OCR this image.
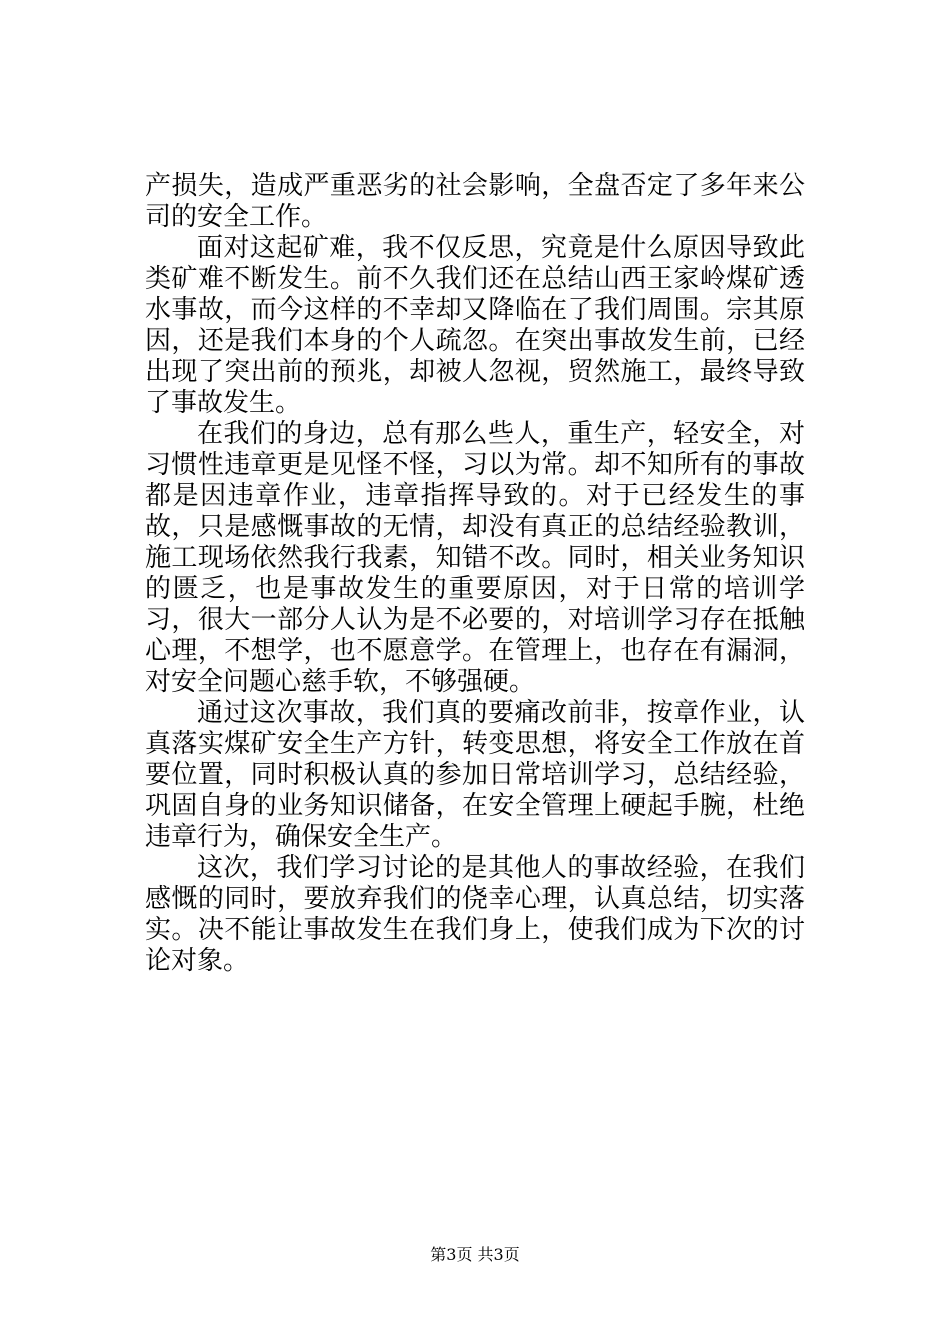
产损失，造成严重恶劣的社会影响，全盘否定了多年来公司的安全工作。

面对这起矿难，我不仅反思，究竟是什么原因导致此类矿难不断发生。前不久我们还在总结山西王家岭煤矿透水事故，而今这样的不幸却又降临在了我们周围。宗其原因，还是我们本身的个人疏忽。在突出事故发生前，已经出现了突出前的预兆，却被人忽视，贸然施工，最终导致了事故发生。

在我们的身边，总有那么些人，重生产，轻安全，对习惯性违章更是见怪不怪，习以为常。却不知所有的事故都是因违章作业，违章指挥导致的。对于已经发生的事故，只是感慨事故的无情，却没有真正的总结经验教训，施工现场依然我行我素，知错不改。同时，相关业务知识的匮乏，也是事故发生的重要原因，对于日常的培训学习，很大一部分人认为是不必要的，对培训学习存在抵触心理，不想学，也不愿意学。在管理上，也存在有漏洞，对安全问题心慈手软，不够强硬。

通过这次事故，我们真的要痛改前非，按章作业，认真落实煤矿安全生产方针，转变思想，将安全工作放在首要位置，同时积极认真的参加日常培训学习，总结经验，巩固自身的业务知识储备，在安全管理上硬起手腕，杜绝违章行为，确保安全生产。

这次，我们学习讨论的是其他人的事故经验，在我们感慨的同时，要放弃我们的侥幸心理，认真总结，切实落实。决不能让事故发生在我们身上，使我们成为下次的讨论对象。

第3页 共3页
